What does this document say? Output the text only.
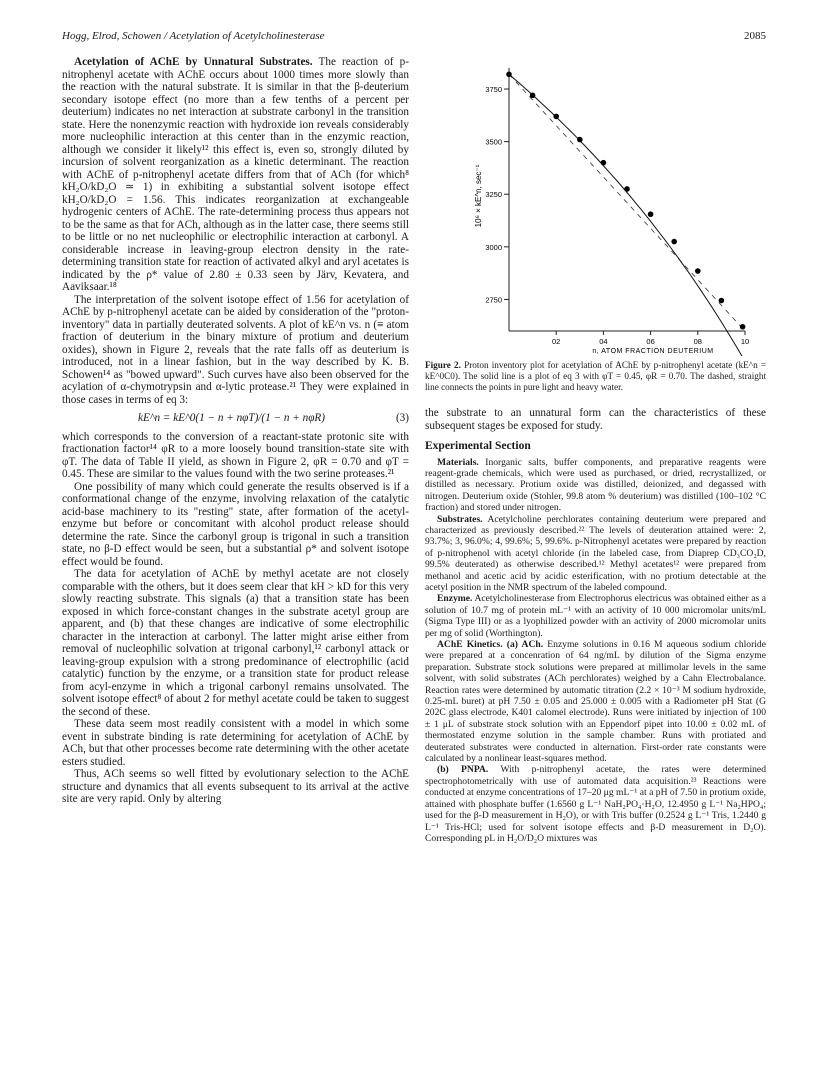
Hogg, Elrod, Schowen / Acetylation of Acetylcholinesterase	2085

Acetylation of AChE by Unnatural Substrates. The reaction of p-nitrophenyl acetate with AChE occurs about 1000 times more slowly than the reaction with the natural substrate. It is similar in that the β-deuterium secondary isotope effect (no more than a few tenths of a percent per deuterium) indicates no net interaction at substrate carbonyl in the transition state. Here the nonenzymic reaction with hydroxide ion reveals considerably more nucleophilic interaction at this center than in the enzymic reaction, although we consider it likely¹² this effect is, even so, strongly diluted by incursion of solvent reorganization as a kinetic determinant. The reaction with AChE of p-nitrophenyl acetate differs from that of ACh (for which⁸ kH₂O/kD₂O ≃ 1) in exhibiting a substantial solvent isotope effect kH₂O/kD₂O = 1.56. This indicates reorganization at exchangeable hydrogenic centers of AChE. The rate-determining process thus appears not to be the same as that for ACh, although as in the latter case, there seems still to be little or no net nucleophilic or electrophilic interaction at carbonyl. A considerable increase in leaving-group electron density in the rate-determining transition state for reaction of activated alkyl and aryl acetates is indicated by the ρ* value of 2.80 ± 0.33 seen by Järv, Kevatera, and Aaviksaar.¹⁸

The interpretation of the solvent isotope effect of 1.56 for acetylation of AChE by p-nitrophenyl acetate can be aided by consideration of the "proton-inventory" data in partially deuterated solvents. A plot of kE^n vs. n (≡ atom fraction of deuterium in the binary mixture of protium and deuterium oxides), shown in Figure 2, reveals that the rate falls off as deuterium is introduced, not in a linear fashion, but in the way described by K. B. Schowen¹⁴ as "bowed upward". Such curves have also been observed for the acylation of α-chymotrypsin and α-lytic protease.²¹ They were explained in those cases in terms of eq 3:

kE^n = kE^0(1 − n + nφT)/(1 − n + nφR)	(3)

which corresponds to the conversion of a reactant-state protonic site with fractionation factor¹⁴ φR to a more loosely bound transition-state site with φT. The data of Table II yield, as shown in Figure 2, φR = 0.70 and φT = 0.45. These are similar to the values found with the two serine proteases.²¹

One possibility of many which could generate the results observed is if a conformational change of the enzyme, involving relaxation of the catalytic acid-base machinery to its "resting" state, after formation of the acetyl-enzyme but before or concomitant with alcohol product release should determine the rate. Since the carbonyl group is trigonal in such a transition state, no β-D effect would be seen, but a substantial ρ* and solvent isotope effect would be found.

The data for acetylation of AChE by methyl acetate are not closely comparable with the others, but it does seem clear that kH > kD for this very slowly reacting substrate. This signals (a) that a transition state has been exposed in which force-constant changes in the substrate acetyl group are apparent, and (b) that these changes are indicative of some electrophilic character in the interaction at carbonyl. The latter might arise either from removal of nucleophilic solvation at trigonal carbonyl,¹² carbonyl attack or leaving-group expulsion with a strong predominance of electrophilic (acid catalytic) function by the enzyme, or a transition state for product release from acyl-enzyme in which a trigonal carbonyl remains unsolvated. The solvent isotope effect⁸ of about 2 for methyl acetate could be taken to suggest the second of these.

These data seem most readily consistent with a model in which some event in substrate binding is rate determining for acetylation of AChE by ACh, but that other processes become rate determining with the other acetate esters studied.

Thus, ACh seems so well fitted by evolutionary selection to the AChE structure and dynamics that all events subsequent to its arrival at the active site are very rapid. Only by altering

2750
3000
3250
3500
3750
02	04	06	08	10
n, ATOM FRACTION DEUTERIUM
10⁶ × kE^n, sec⁻¹
Figure 2. Proton inventory plot for acetylation of AChE by p-nitrophenyl acetate (kE^n = kE^0C0). The solid line is a plot of eq 3 with φT = 0.45, φR = 0.70. The dashed, straight line connects the points in pure light and heavy water.

the substrate to an unnatural form can the characteristics of these subsequent stages be exposed for study.

Experimental Section

Materials. Inorganic salts, buffer components, and preparative reagents were reagent-grade chemicals, which were used as purchased, or dried, recrystallized, or distilled as necessary. Protium oxide was distilled, deionized, and degassed with nitrogen. Deuterium oxide (Stohler, 99.8 atom % deuterium) was distilled (100–102 °C fraction) and stored under nitrogen.

Substrates. Acetylcholine perchlorates containing deuterium were prepared and characterized as previously described.²² The levels of deuteration attained were: 2, 93.7%; 3, 96.0%; 4, 99.6%; 5, 99.6%. p-Nitrophenyl acetates were prepared by reaction of p-nitrophenol with acetyl chloride (in the labeled case, from Diaprep CD₃CO₂D, 99.5% deuterated) as otherwise described.¹² Methyl acetates¹² were prepared from methanol and acetic acid by acidic esterification, with no protium detectable at the acetyl position in the NMR spectrum of the labeled compound.

Enzyme. Acetylcholinesterase from Electrophorus electricus was obtained either as a solution of 10.7 mg of protein mL⁻¹ with an activity of 10 000 micromolar units/mL (Sigma Type III) or as a lyophilized powder with an activity of 2000 micromolar units per mg of solid (Worthington).

AChE Kinetics. (a) ACh. Enzyme solutions in 0.16 M aqueous sodium chloride were prepared at a concenration of 64 ng/mL by dilution of the Sigma enzyme preparation. Substrate stock solutions were prepared at millimolar levels in the same solvent, with solid substrates (ACh perchlorates) weighed by a Cahn Electrobalance. Reaction rates were determined by automatic titration (2.2 × 10⁻³ M sodium hydroxide, 0.25-mL buret) at pH 7.50 ± 0.05 and 25.000 ± 0.005 with a Radiometer pH Stat (G 202C glass electrode, K401 calomel electrode). Runs were initiated by injection of 100 ± 1 μL of substrate stock solution with an Eppendorf pipet into 10.00 ± 0.02 mL of thermostated enzyme solution in the sample chamber. Runs with protiated and deuterated substrates were conducted in alternation. First-order rate constants were calculated by a nonlinear least-squares method.

(b) PNPA. With p-nitrophenyl acetate, the rates were determined spectrophotometrically with use of automated data acquisition.²³ Reactions were conducted at enzyme concentrations of 17–20 μg mL⁻¹ at a pH of 7.50 in protium oxide, attained with phosphate buffer (1.6560 g L⁻¹ NaH₂PO₄·H₂O, 12.4950 g L⁻¹ Na₂HPO₄; used for the β-D measurement in H₂O), or with Tris buffer (0.2524 g L⁻¹ Tris, 1.2440 g L⁻¹ Tris-HCl; used for solvent isotope effects and β-D measurement in D₂O). Corresponding pL in H₂O/D₂O mixtures was
